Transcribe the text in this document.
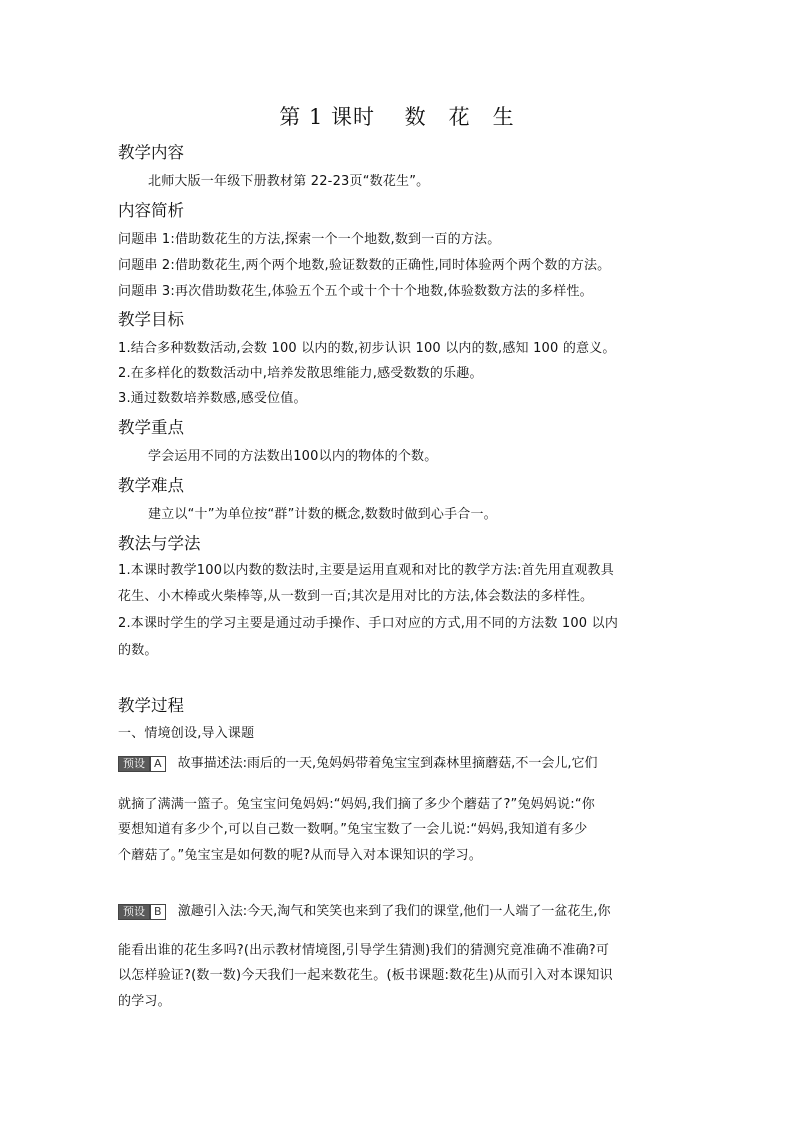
第 1 课时　 数　花　生
教学内容
北师大版一年级下册教材第 22-23页“数花生”。
内容简析
问题串 1:借助数花生的方法,探索一个一个地数,数到一百的方法。
问题串 2:借助数花生,两个两个地数,验证数数的正确性,同时体验两个两个数的方法。
问题串 3:再次借助数花生,体验五个五个或十个十个地数,体验数数方法的多样性。
教学目标
1.结合多种数数活动,会数 100 以内的数,初步认识 100 以内的数,感知 100 的意义。
2.在多样化的数数活动中,培养发散思维能力,感受数数的乐趣。
3.通过数数培养数感,感受位值。
教学重点
学会运用不同的方法数出100以内的物体的个数。
教学难点
建立以“十”为单位按“群”计数的概念,数数时做到心手合一。
教法与学法
1.本课时教学100以内数的数法时,主要是运用直观和对比的教学方法:首先用直观教具
花生、小木棒或火柴棒等,从一数到一百;其次是用对比的方法,体会数法的多样性。
2.本课时学生的学习主要是通过动手操作、手口对应的方式,用不同的方法数 100 以内
的数。
教学过程
一、情境创设,导入课题
预设 A 故事描述法:雨后的一天,兔妈妈带着兔宝宝到森林里摘蘑菇,不一会儿,它们
就摘了满满一篮子。兔宝宝问兔妈妈:“妈妈,我们摘了多少个蘑菇了?”兔妈妈说:“你
要想知道有多少个,可以自己数一数啊。”兔宝宝数了一会儿说:“妈妈,我知道有多少
个蘑菇了。”兔宝宝是如何数的呢?从而导入对本课知识的学习。
预设 B 激趣引入法:今天,淘气和笑笑也来到了我们的课堂,他们一人端了一盆花生,你
能看出谁的花生多吗?(出示教材情境图,引导学生猜测)我们的猜测究竟准确不准确?可
以怎样验证?(数一数)今天我们一起来数花生。(板书课题:数花生)从而引入对本课知识
的学习。
